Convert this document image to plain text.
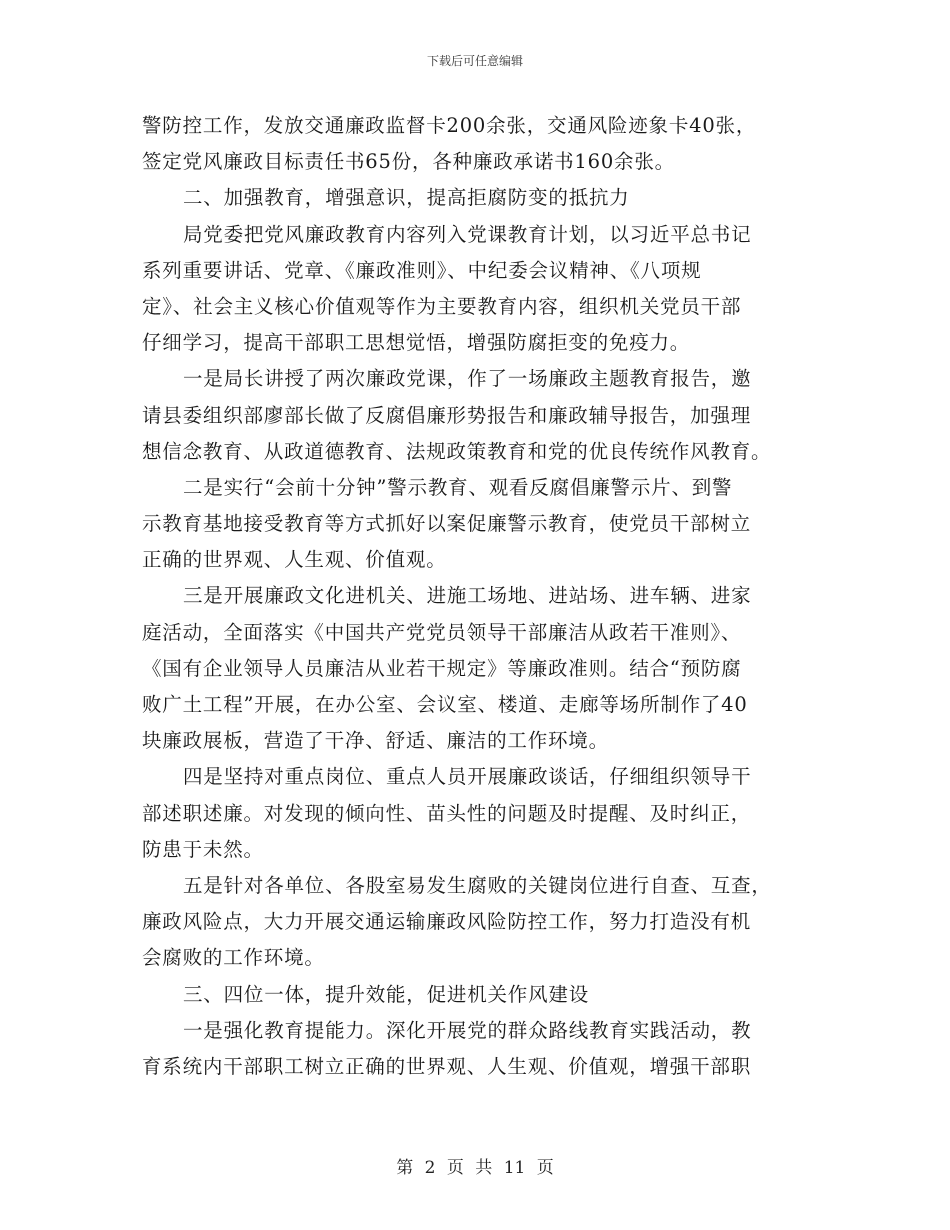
下载后可任意编辑
警防控工作，发放交通廉政监督卡200余张，交通风险迹象卡40张，
签定党风廉政目标责任书65份，各种廉政承诺书160余张。
二、加强教育，增强意识，提高拒腐防变的抵抗力
局党委把党风廉政教育内容列入党课教育计划，以习近平总书记
系列重要讲话、党章、《廉政准则》、中纪委会议精神、《八项规
定》、社会主义核心价值观等作为主要教育内容，组织机关党员干部
仔细学习，提高干部职工思想觉悟，增强防腐拒变的免疫力。
一是局长讲授了两次廉政党课，作了一场廉政主题教育报告，邀
请县委组织部廖部长做了反腐倡廉形势报告和廉政辅导报告，加强理
想信念教育、从政道德教育、法规政策教育和党的优良传统作风教育。
二是实行“会前十分钟”警示教育、观看反腐倡廉警示片、到警
示教育基地接受教育等方式抓好以案促廉警示教育，使党员干部树立
正确的世界观、人生观、价值观。
三是开展廉政文化进机关、进施工场地、进站场、进车辆、进家
庭活动，全面落实《中国共产党党员领导干部廉洁从政若干准则》、
《国有企业领导人员廉洁从业若干规定》等廉政准则。结合“预防腐
败广土工程”开展，在办公室、会议室、楼道、走廊等场所制作了40
块廉政展板，营造了干净、舒适、廉洁的工作环境。
四是坚持对重点岗位、重点人员开展廉政谈话，仔细组织领导干
部述职述廉。对发现的倾向性、苗头性的问题及时提醒、及时纠正，
防患于未然。
五是针对各单位、各股室易发生腐败的关键岗位进行自查、互查，
廉政风险点，大力开展交通运输廉政风险防控工作，努力打造没有机
会腐败的工作环境。
三、四位一体，提升效能，促进机关作风建设
一是强化教育提能力。深化开展党的群众路线教育实践活动，教
育系统内干部职工树立正确的世界观、人生观、价值观，增强干部职
第 2 页 共 11 页
